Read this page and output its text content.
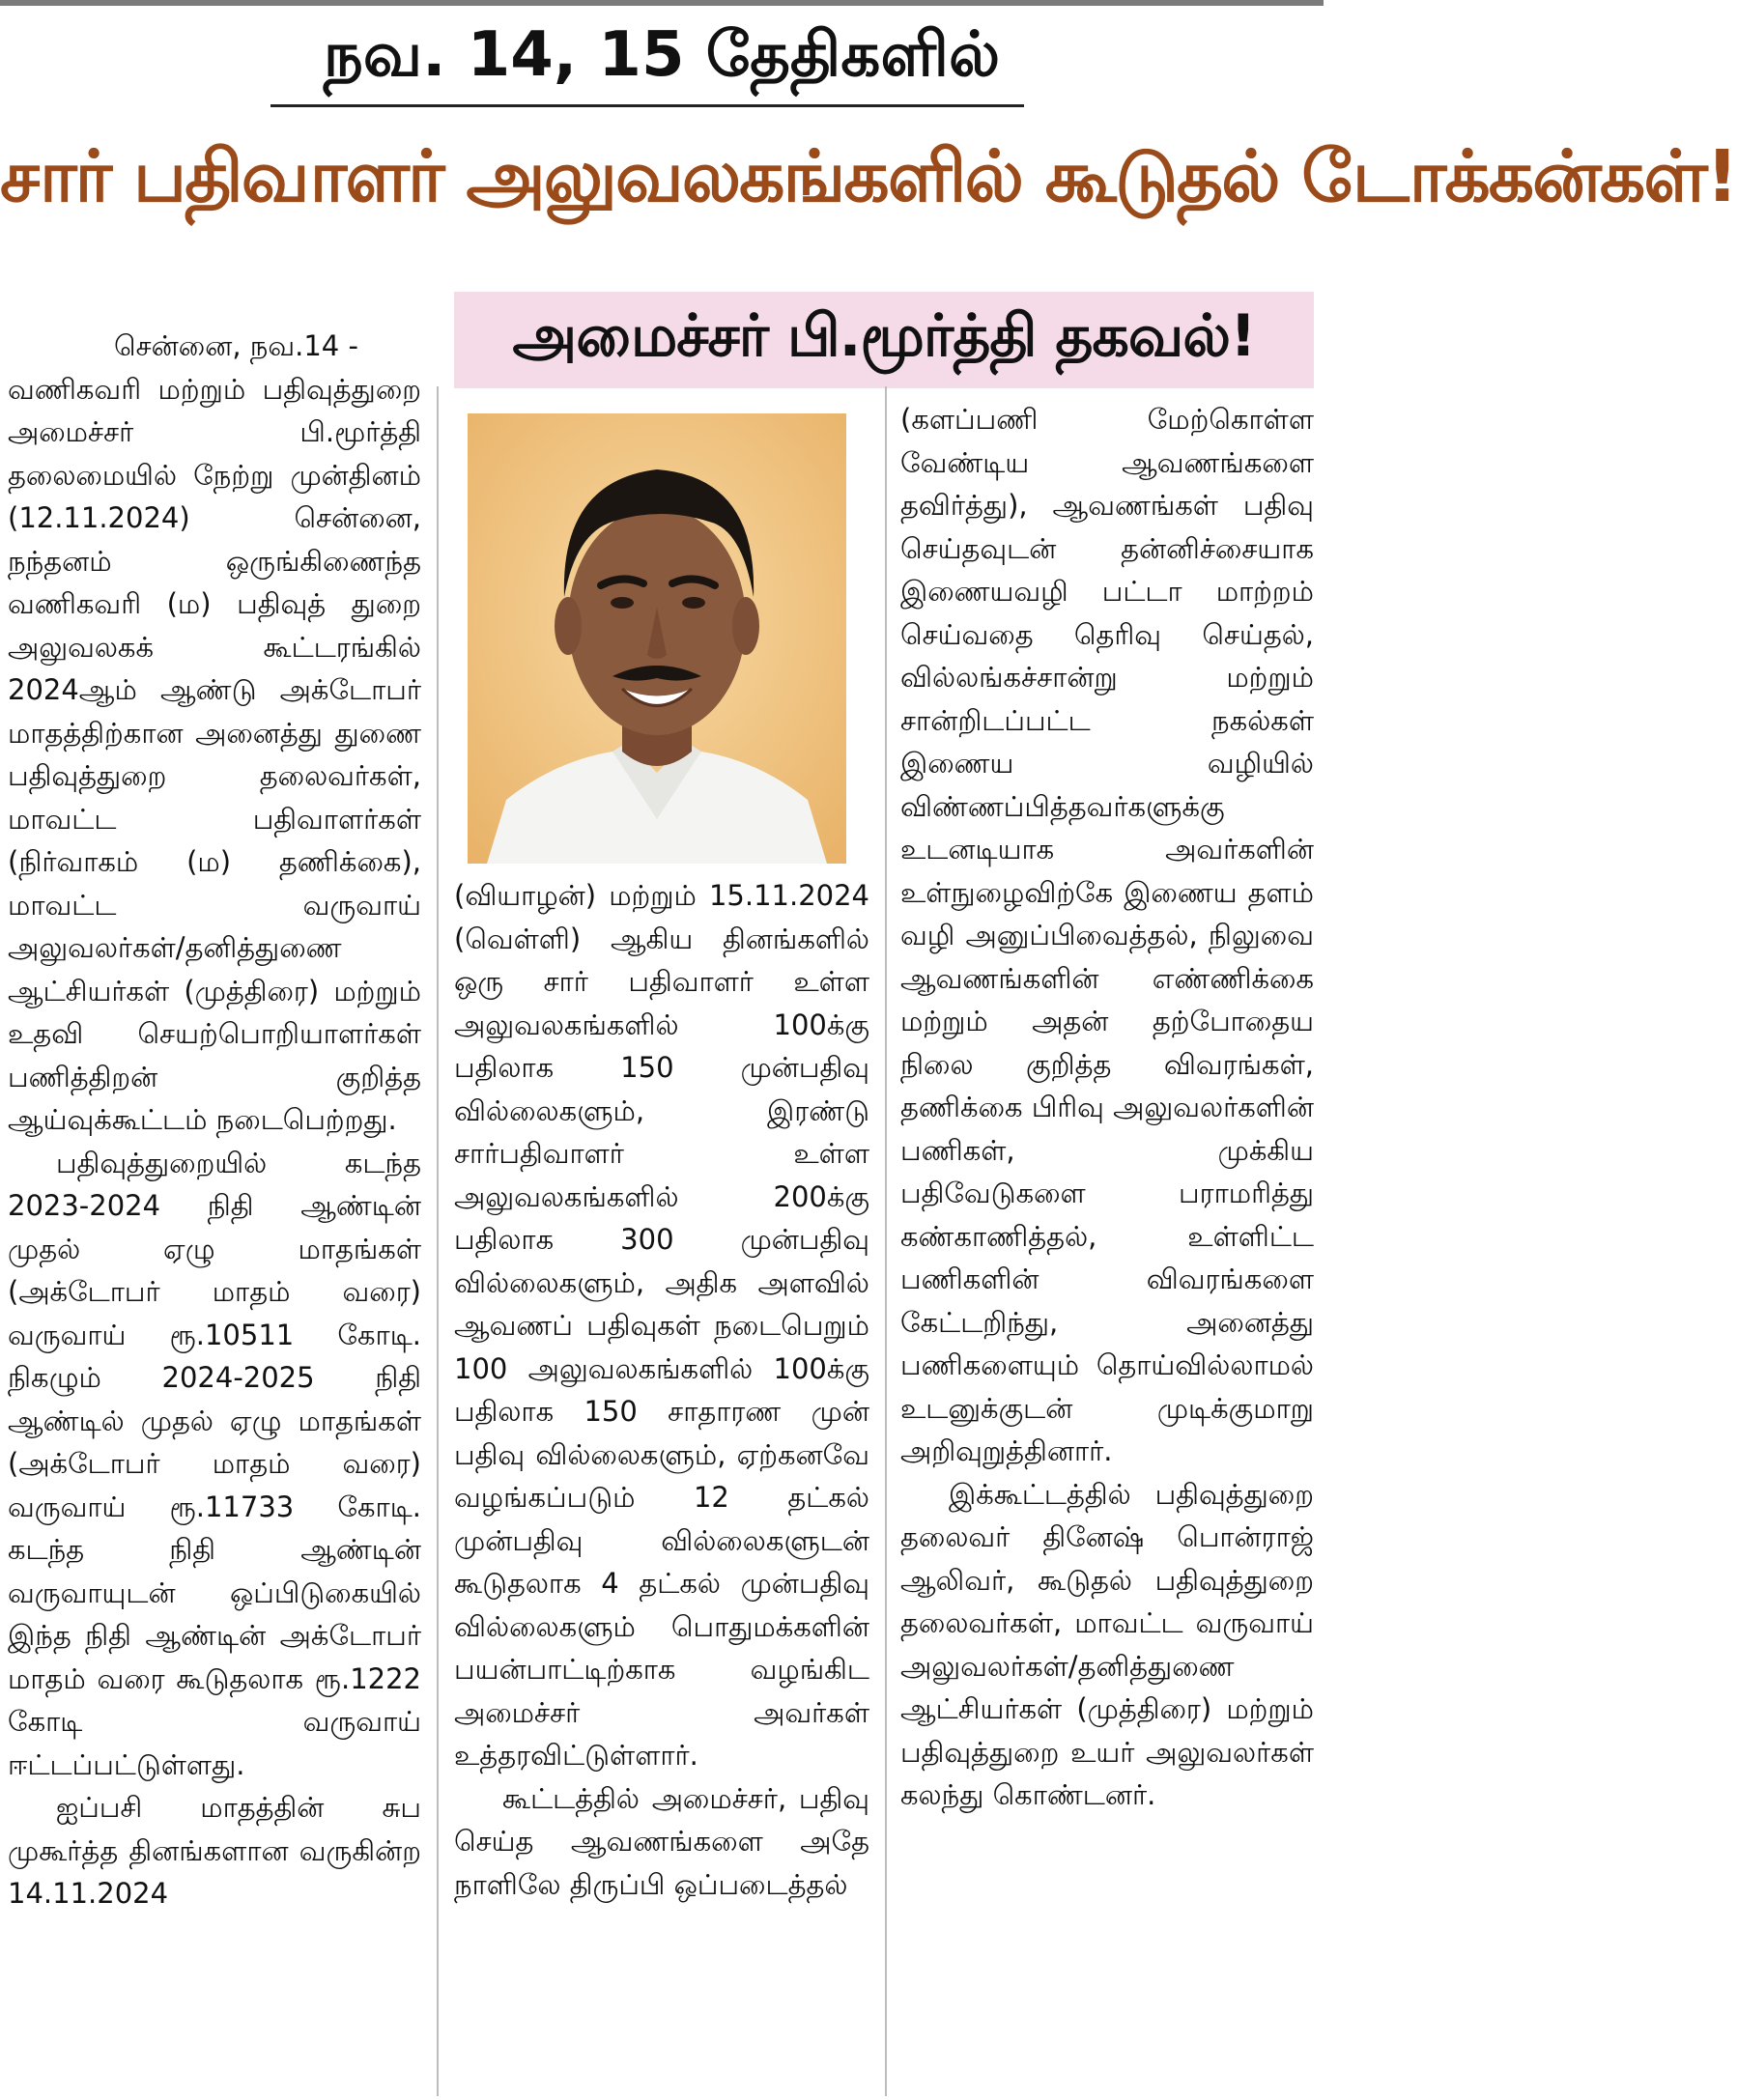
நவ. 14, 15 தேதிகளில்
சார் பதிவாளர் அலுவலகங்களில் கூடுதல் டோக்கன்கள்!
அமைச்சர் பி.மூர்த்தி தகவல்!

சென்னை, நவ.14 -

வணிகவரி மற்றும் பதிவுத்துறை அமைச்சர் பி.மூர்த்தி தலைமையில் நேற்று முன்தினம் (12.11.2024) சென்னை, நந்தனம் ஒருங்கிணைந்த வணிகவரி (ம) பதிவுத் துறை அலுவலகக் கூட்டரங்கில் 2024ஆம் ஆண்டு அக்டோபர் மாதத்திற்கான அனைத்து துணை பதிவுத்துறை தலைவர்கள், மாவட்ட பதிவாளர்கள் (நிர்வாகம் (ம) தணிக்கை), மாவட்ட வருவாய் அலுவலர்கள்/தனித்துணை ஆட்சியர்கள் (முத்திரை) மற்றும் உதவி செயற்பொறியாளர்கள் பணித்திறன் குறித்த ஆய்வுக்கூட்டம் நடைபெற்றது.

பதிவுத்துறையில் கடந்த 2023-2024 நிதி ஆண்டின் முதல் ஏழு மாதங்கள் (அக்டோபர் மாதம் வரை) வருவாய் ரூ.10511 கோடி. நிகழும் 2024-2025 நிதி ஆண்டில் முதல் ஏழு மாதங்கள் (அக்டோபர் மாதம் வரை) வருவாய் ரூ.11733 கோடி. கடந்த நிதி ஆண்டின் வருவாயுடன் ஒப்பிடுகையில் இந்த நிதி ஆண்டின் அக்டோபர் மாதம் வரை கூடுதலாக ரூ.1222 கோடி வருவாய் ஈட்டப்பட்டுள்ளது.

ஐப்பசி மாதத்தின் சுப முகூர்த்த தினங்களான வருகின்ற 14.11.2024

(வியாழன்) மற்றும் 15.11.2024 (வெள்ளி) ஆகிய தினங்களில் ஒரு சார் பதிவாளர் உள்ள அலுவலகங்களில் 100க்கு பதிலாக 150 முன்பதிவு வில்லைகளும், இரண்டு சார்பதிவாளர் உள்ள அலுவலகங்களில் 200க்கு பதிலாக 300 முன்பதிவு வில்லைகளும், அதிக அளவில் ஆவணப் பதிவுகள் நடைபெறும் 100 அலுவலகங்களில் 100க்கு பதிலாக 150 சாதாரண முன் பதிவு வில்லைகளும், ஏற்கனவே வழங்கப்படும் 12 தட்கல் முன்பதிவு வில்லைகளுடன் கூடுதலாக 4 தட்கல் முன்பதிவு வில்லைகளும் பொதுமக்களின் பயன்பாட்டிற்காக வழங்கிட அமைச்சர் அவர்கள் உத்தரவிட்டுள்ளார்.

கூட்டத்தில் அமைச்சர், பதிவு செய்த ஆவணங்களை அதே நாளிலே திருப்பி ஒப்படைத்தல்

(களப்பணி மேற்கொள்ள வேண்டிய ஆவணங்களை தவிர்த்து), ஆவணங்கள் பதிவு செய்தவுடன் தன்னிச்சையாக இணையவழி பட்டா மாற்றம் செய்வதை தெரிவு செய்தல், வில்லங்கச்சான்று மற்றும் சான்றிடப்பட்ட நகல்கள் இணைய வழியில் விண்ணப்பித்தவர்களுக்கு உடனடியாக அவர்களின் உள்நுழைவிற்கே இணைய தளம் வழி அனுப்பிவைத்தல், நிலுவை ஆவணங்களின் எண்ணிக்கை மற்றும் அதன் தற்போதைய நிலை குறித்த விவரங்கள், தணிக்கை பிரிவு அலுவலர்களின் பணிகள், முக்கிய பதிவேடுகளை பராமரித்து கண்காணித்தல், உள்ளிட்ட பணிகளின் விவரங்களை கேட்டறிந்து, அனைத்து பணிகளையும் தொய்வில்லாமல் உடனுக்குடன் முடிக்குமாறு அறிவுறுத்தினார்.

இக்கூட்டத்தில் பதிவுத்துறை தலைவர் தினேஷ் பொன்ராஜ் ஆலிவர், கூடுதல் பதிவுத்துறை தலைவர்கள், மாவட்ட வருவாய் அலுவலர்கள்/தனித்துணை ஆட்சியர்கள் (முத்திரை) மற்றும் பதிவுத்துறை உயர் அலுவலர்கள் கலந்து கொண்டனர்.
